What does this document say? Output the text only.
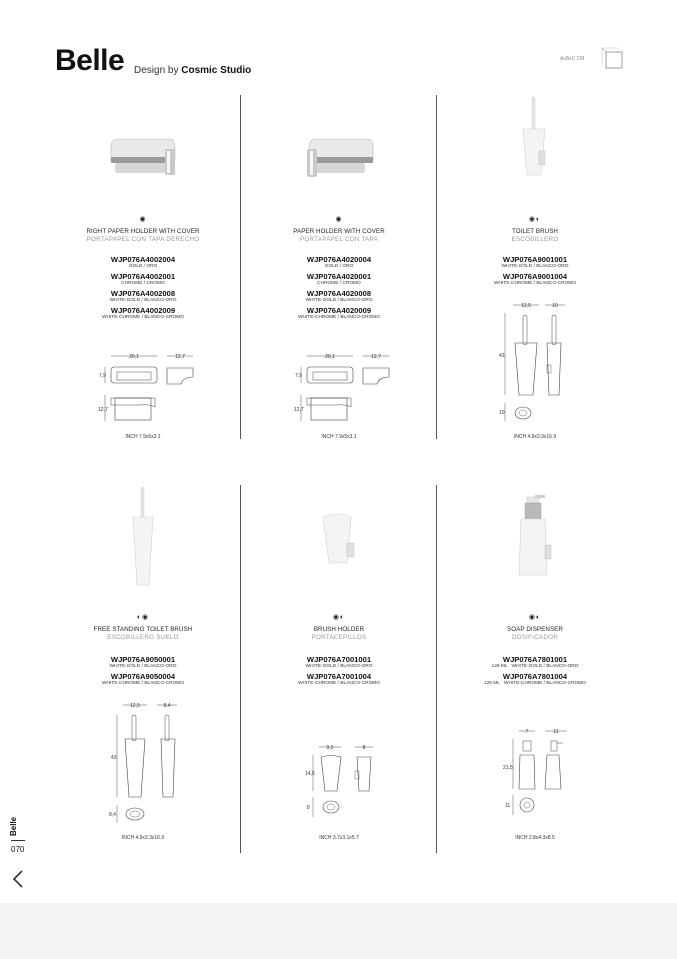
Belle Design by Cosmic Studio
AxBxC CM
◉
RIGHT PAPER HOLDER WITH COVER
PORTAPAPEL CON TAPA DERECHO
WJP076A4002004
GOLD / ORO
WJP076A4002001
CHROME / CROMO
WJP076A4002008
WHITE-GOLD / BLANCO-ORO
WJP076A4002009
WHITE-CHROME / BLANCO-CROMO
20,1	12,7
7,9
12,7
INCH 7.9x5x3.1
◉
PAPER HOLDER WITH COVER
PORTAPAPEL CON TAPA
WJP076A4020004
GOLD / ORO
WJP076A4020001
CHROME / CROMO
WJP076A4020008
WHITE-GOLD / BLANCO-ORO
WJP076A4020009
WHITE-CHROME / BLANCO-CROMO
20,1	12,7
7,9
12,7
INCH 7.9x5x3.1
◉◐
TOILET BRUSH
ESCOBILLERO
WJP076A9001001
WHITE-GOLD / BLANCO-ORO
WJP076A9001004
WHITE-CHROME / BLANCO-CROMO
12,5	10
43
10
INCH 4.9x3.9x16.9
◐◉
FREE STANDING TOILET BRUSH
ESCOBILLERO SUELO
WJP076A9050001
WHITE-GOLD / BLANCO-ORO
WJP076A9050004
WHITE-CHROME / BLANCO-CROMO
12,5	8,4
43
8,4
INCH 4.9x3.3x16.9
◉◐
BRUSH HOLDER
PORTACEPILLOS
WJP076A7001001
WHITE-GOLD / BLANCO-ORO
WJP076A7001004
WHITE-CHROME / BLANCO-CROMO
9,5	8
14,5
8
INCH 3.7x3.1x5.7
◉◐
SOAP DISPENSER
DOSIFICADOR
WJP076A7801001
125 ML WHITE-GOLD / BLANCO-ORO
WJP076A7801004
125 ML WHITE-CHROME / BLANCO-CROMO
7	11
21,5
11
INCH 2.8x4.3x8.5
Belle
070
